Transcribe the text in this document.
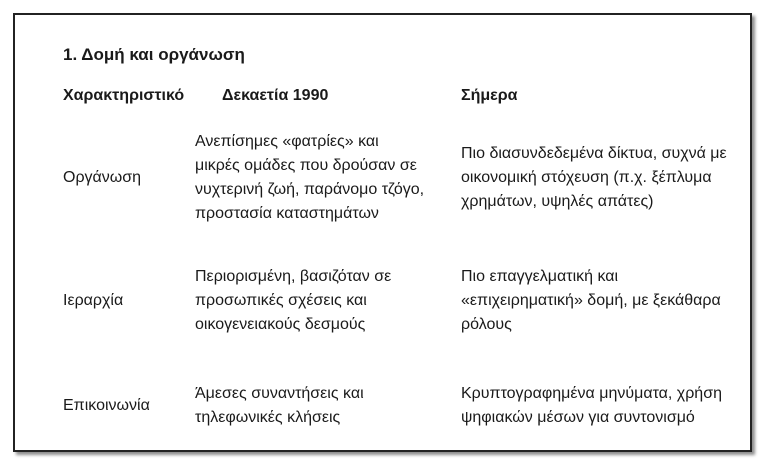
1. Δομή και οργάνωση
Χαρακτηριστικό Δεκαετία 1990	Σήμερα
Οργάνωση
Ανεπίσημες «φατρίες» και μικρές ομάδες που δρούσαν σε νυχτερινή ζωή, παράνομο τζόγο, προστασία καταστημάτων
Πιο διασυνδεδεμένα δίκτυα, συχνά με οικονομική στόχευση (π.χ. ξέπλυμα χρημάτων, υψηλές απάτες)
Ιεραρχία
Περιορισμένη, βασιζόταν σε προσωπικές σχέσεις και οικογενειακούς δεσμούς
Πιο επαγγελματική και «επιχειρηματική» δομή, με ξεκάθαρα ρόλους
Επικοινωνία
Άμεσες συναντήσεις και τηλεφωνικές κλήσεις
Κρυπτογραφημένα μηνύματα, χρήση ψηφιακών μέσων για συντονισμό
